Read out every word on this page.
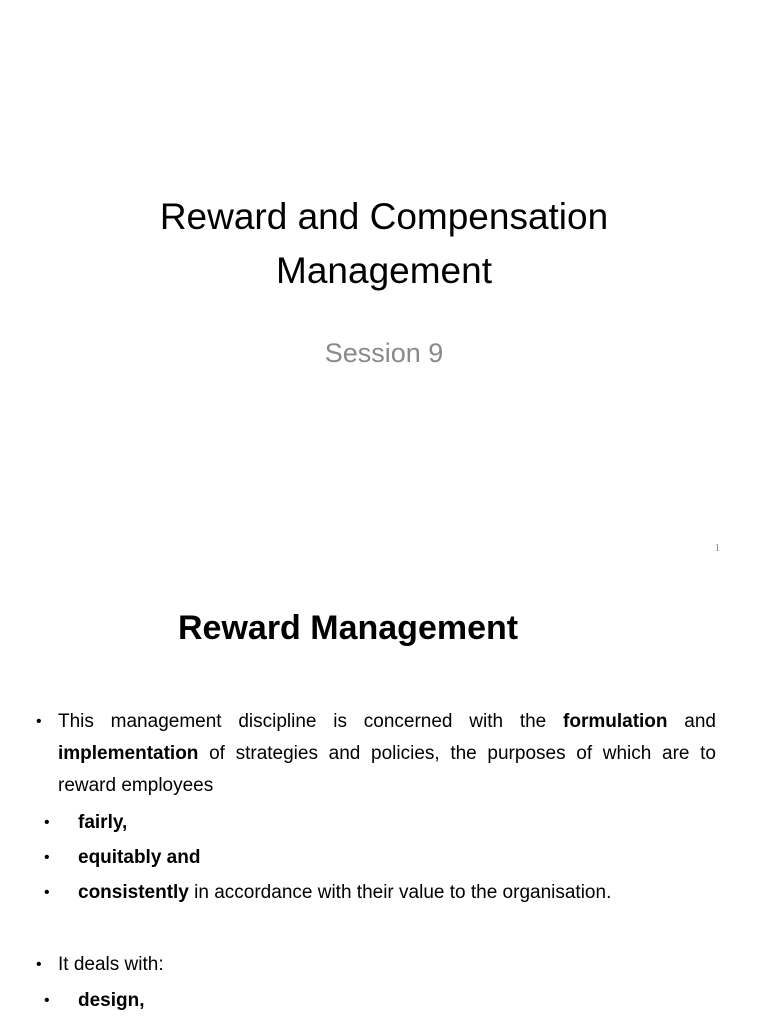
Reward and Compensation
Management
Session 9
1
Reward Management
• This management discipline is concerned with the formulation and implementation of strategies and policies, the purposes of which are to reward employees
• fairly,
• equitably and
• consistently in accordance with their value to the organisation.
• It deals with:
• design,
